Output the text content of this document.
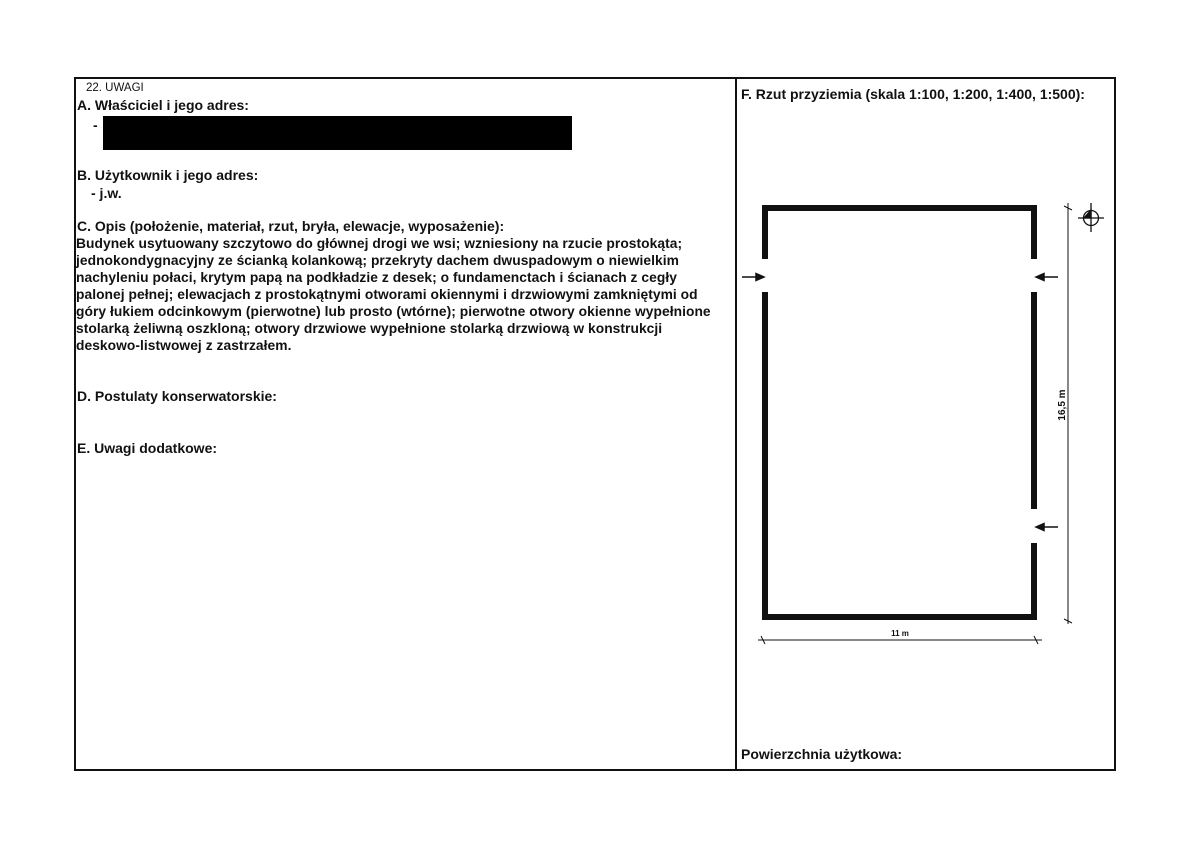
22. UWAGI
A. Właściciel i jego adres:
-
B. Użytkownik i jego adres:
- j.w.
C. Opis (położenie, materiał, rzut, bryła, elewacje, wyposażenie):
Budynek usytuowany szczytowo do głównej drogi we wsi; wzniesiony na rzucie prostokąta;
jednokondygnacyjny ze ścianką kolankową; przekryty dachem dwuspadowym o niewielkim
nachyleniu połaci, krytym papą na podkładzie z desek; o fundamenctach i ścianach z cegły
palonej pełnej; elewacjach z prostokątnymi otworami okiennymi i drzwiowymi zamkniętymi od
góry łukiem odcinkowym (pierwotne) lub prosto (wtórne); pierwotne otwory okienne wypełnione
stolarką żeliwną oszkloną; otwory drzwiowe wypełnione stolarką drzwiową w konstrukcji
deskowo-listwowej z zastrzałem.
D. Postulaty konserwatorskie:
E. Uwagi dodatkowe:
F. Rzut przyziemia (skala 1:100, 1:200, 1:400, 1:500):
16,5 m
11 m
Powierzchnia użytkowa:
